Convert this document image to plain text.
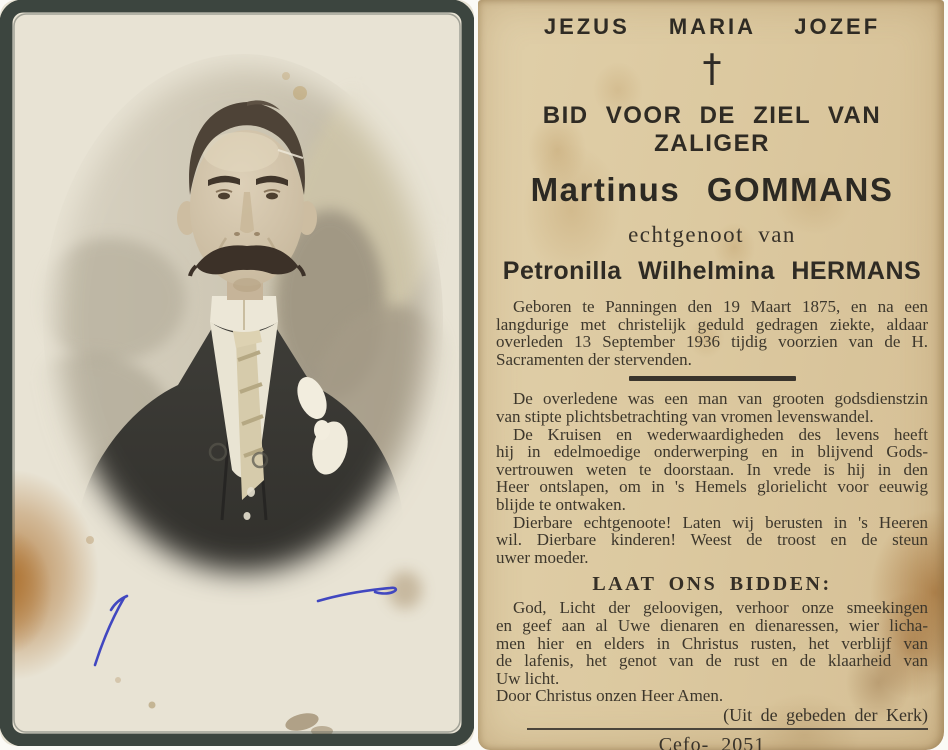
JEZUS MARIA JOZEF
†
BID VOOR DE ZIEL VAN ZALIGER
Martinus GOMMANS
echtgenoot van
Petronilla Wilhelmina HERMANS
Geboren te Panningen den 19 Maart 1875, en na een
langdurige met christelijk geduld gedragen ziekte, aldaar
overleden 13 September 1936 tijdig voorzien van de H.
Sacramenten der stervenden.
De overledene was een man van grooten godsdienstzin
van stipte plichtsbetrachting van vromen levenswandel.
De Kruisen en wederwaardigheden des levens heeft
hij in edelmoedige onderwerping en in blijvend Gods-
vertrouwen weten te doorstaan. In vrede is hij in den
Heer ontslapen, om in 's Hemels glorielicht voor eeuwig
blijde te ontwaken.
Dierbare echtgenoote! Laten wij berusten in 's Heeren
wil. Dierbare kinderen! Weest de troost en de steun
uwer moeder.
LAAT ONS BIDDEN:
God, Licht der geloovigen, verhoor onze smeekingen
en geef aan al Uwe dienaren en dienaressen, wier licha-
men hier en elders in Christus rusten, het verblijf van
de lafenis, het genot van de rust en de klaarheid van
Uw licht.
Door Christus onzen Heer Amen.
(Uit de gebeden der Kerk)
Cefo- 2051
